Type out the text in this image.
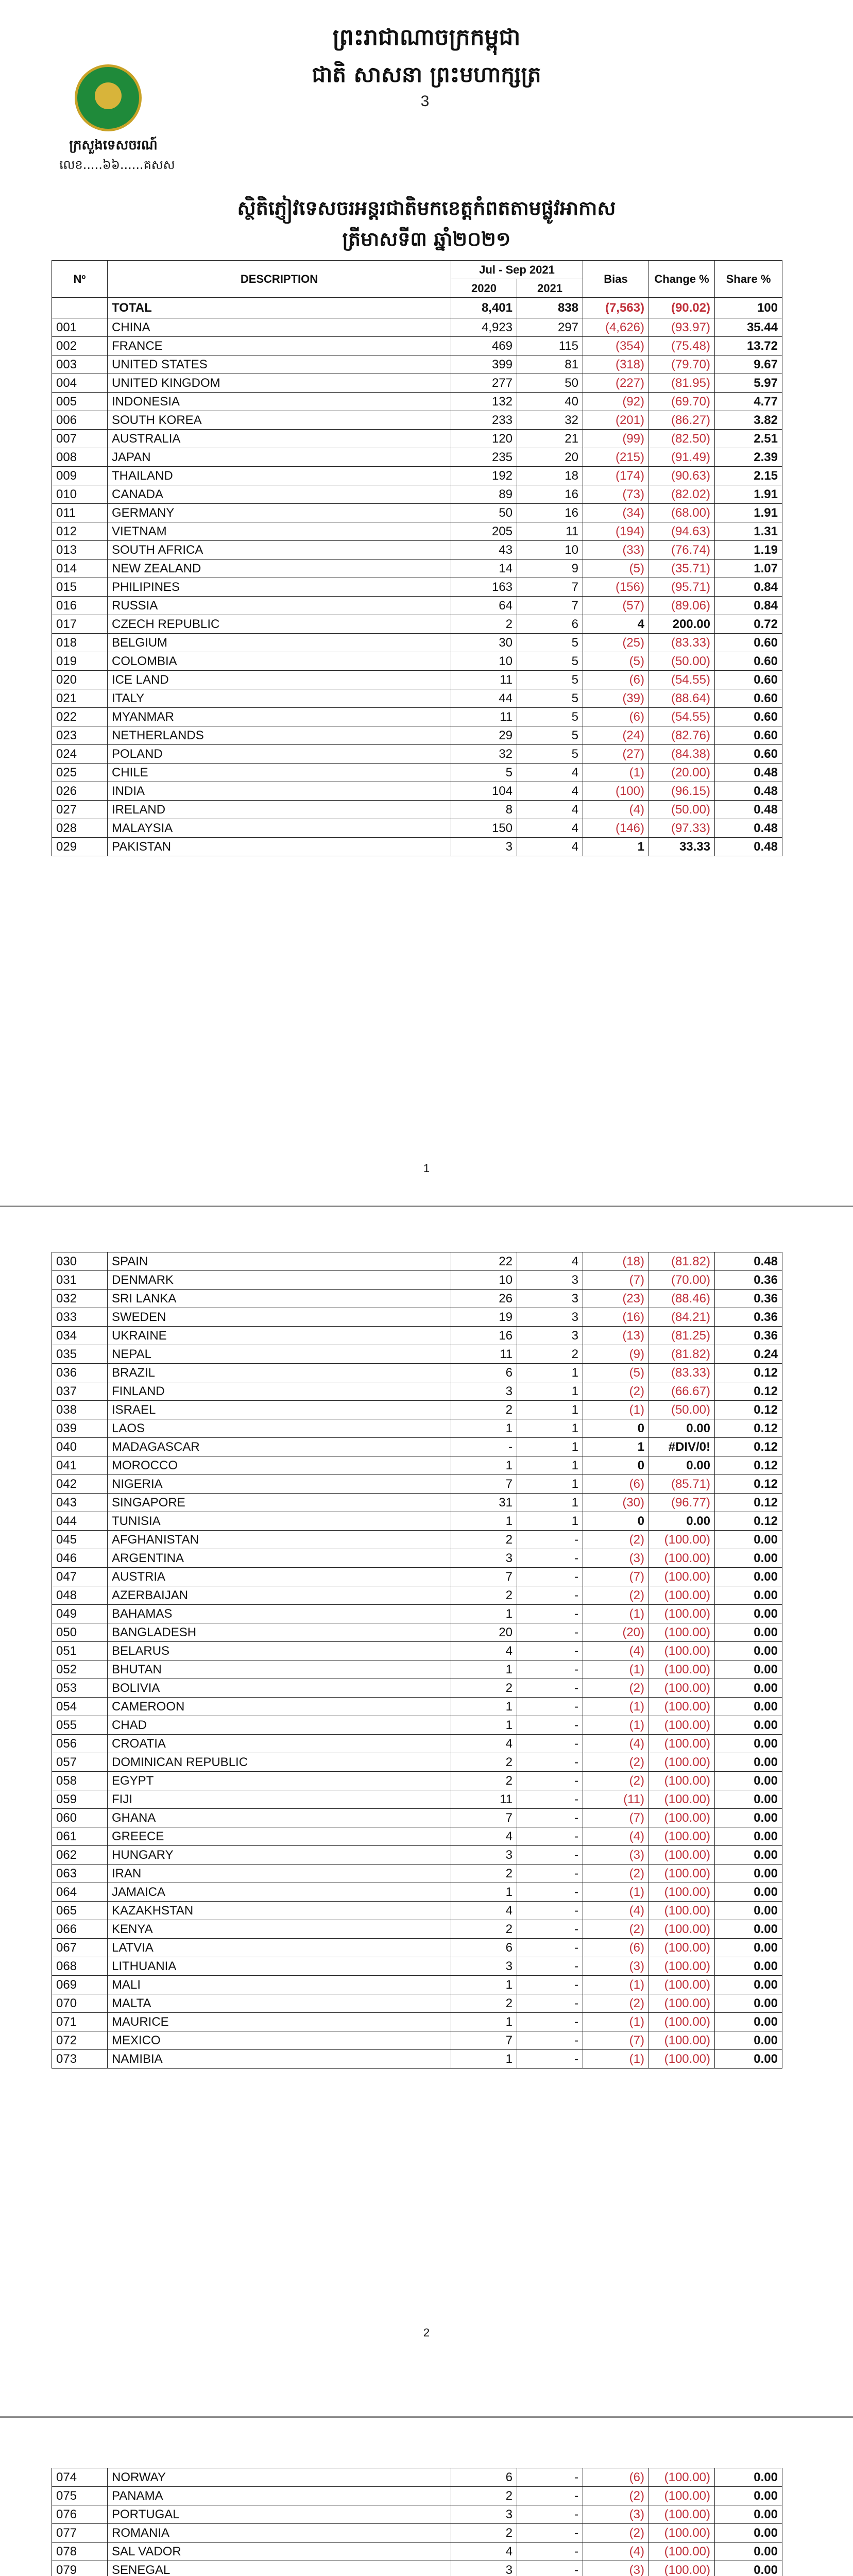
ព្រះរាជាណាចក្រកម្ពុជា
ជាតិ សាសនា ព្រះមហាក្សត្រ
3
ក្រសួងទេសចរណ៍
លេខ.....៦៦......គសស
ស្ថិតិភ្ញៀវទេសចរអន្តរជាតិមកខេត្តកំពតតាមផ្លូវអាកាស
ត្រីមាសទី៣ ឆ្នាំ២០២១
Nº	DESCRIPTION	Jul - Sep 2021		Bias	Change %	Share %
		2020	2021			
	TOTAL	8,401	838	(7,563)	(90.02)	100
001	CHINA	4,923	297	(4,626)	(93.97)	35.44
002	FRANCE	469	115	(354)	(75.48)	13.72
003	UNITED STATES	399	81	(318)	(79.70)	9.67
004	UNITED KINGDOM	277	50	(227)	(81.95)	5.97
005	INDONESIA	132	40	(92)	(69.70)	4.77
006	SOUTH KOREA	233	32	(201)	(86.27)	3.82
007	AUSTRALIA	120	21	(99)	(82.50)	2.51
008	JAPAN	235	20	(215)	(91.49)	2.39
009	THAILAND	192	18	(174)	(90.63)	2.15
010	CANADA	89	16	(73)	(82.02)	1.91
011	GERMANY	50	16	(34)	(68.00)	1.91
012	VIETNAM	205	11	(194)	(94.63)	1.31
013	SOUTH AFRICA	43	10	(33)	(76.74)	1.19
014	NEW ZEALAND	14	9	(5)	(35.71)	1.07
015	PHILIPINES	163	7	(156)	(95.71)	0.84
016	RUSSIA	64	7	(57)	(89.06)	0.84
017	CZECH REPUBLIC	2	6	4	200.00	0.72
018	BELGIUM	30	5	(25)	(83.33)	0.60
019	COLOMBIA	10	5	(5)	(50.00)	0.60
020	ICE LAND	11	5	(6)	(54.55)	0.60
021	ITALY	44	5	(39)	(88.64)	0.60
022	MYANMAR	11	5	(6)	(54.55)	0.60
023	NETHERLANDS	29	5	(24)	(82.76)	0.60
024	POLAND	32	5	(27)	(84.38)	0.60
025	CHILE	5	4	(1)	(20.00)	0.48
026	INDIA	104	4	(100)	(96.15)	0.48
027	IRELAND	8	4	(4)	(50.00)	0.48
028	MALAYSIA	150	4	(146)	(97.33)	0.48
029	PAKISTAN	3	4	1	33.33	0.48
1
030	SPAIN	22	4	(18)	(81.82)	0.48
031	DENMARK	10	3	(7)	(70.00)	0.36
032	SRI LANKA	26	3	(23)	(88.46)	0.36
033	SWEDEN	19	3	(16)	(84.21)	0.36
034	UKRAINE	16	3	(13)	(81.25)	0.36
035	NEPAL	11	2	(9)	(81.82)	0.24
036	BRAZIL	6	1	(5)	(83.33)	0.12
037	FINLAND	3	1	(2)	(66.67)	0.12
038	ISRAEL	2	1	(1)	(50.00)	0.12
039	LAOS	1	1	0	0.00	0.12
040	MADAGASCAR	-	1	1	#DIV/0!	0.12
041	MOROCCO	1	1	0	0.00	0.12
042	NIGERIA	7	1	(6)	(85.71)	0.12
043	SINGAPORE	31	1	(30)	(96.77)	0.12
044	TUNISIA	1	1	0	0.00	0.12
045	AFGHANISTAN	2	-	(2)	(100.00)	0.00
046	ARGENTINA	3	-	(3)	(100.00)	0.00
047	AUSTRIA	7	-	(7)	(100.00)	0.00
048	AZERBAIJAN	2	-	(2)	(100.00)	0.00
049	BAHAMAS	1	-	(1)	(100.00)	0.00
050	BANGLADESH	20	-	(20)	(100.00)	0.00
051	BELARUS	4	-	(4)	(100.00)	0.00
052	BHUTAN	1	-	(1)	(100.00)	0.00
053	BOLIVIA	2	-	(2)	(100.00)	0.00
054	CAMEROON	1	-	(1)	(100.00)	0.00
055	CHAD	1	-	(1)	(100.00)	0.00
056	CROATIA	4	-	(4)	(100.00)	0.00
057	DOMINICAN REPUBLIC	2	-	(2)	(100.00)	0.00
058	EGYPT	2	-	(2)	(100.00)	0.00
059	FIJI	11	-	(11)	(100.00)	0.00
060	GHANA	7	-	(7)	(100.00)	0.00
061	GREECE	4	-	(4)	(100.00)	0.00
062	HUNGARY	3	-	(3)	(100.00)	0.00
063	IRAN	2	-	(2)	(100.00)	0.00
064	JAMAICA	1	-	(1)	(100.00)	0.00
065	KAZAKHSTAN	4	-	(4)	(100.00)	0.00
066	KENYA	2	-	(2)	(100.00)	0.00
067	LATVIA	6	-	(6)	(100.00)	0.00
068	LITHUANIA	3	-	(3)	(100.00)	0.00
069	MALI	1	-	(1)	(100.00)	0.00
070	MALTA	2	-	(2)	(100.00)	0.00
071	MAURICE	1	-	(1)	(100.00)	0.00
072	MEXICO	7	-	(7)	(100.00)	0.00
073	NAMIBIA	1	-	(1)	(100.00)	0.00
2
074	NORWAY	6	-	(6)	(100.00)	0.00
075	PANAMA	2	-	(2)	(100.00)	0.00
076	PORTUGAL	3	-	(3)	(100.00)	0.00
077	ROMANIA	2	-	(2)	(100.00)	0.00
078	SAL VADOR	4	-	(4)	(100.00)	0.00
079	SENEGAL	3	-	(3)	(100.00)	0.00
